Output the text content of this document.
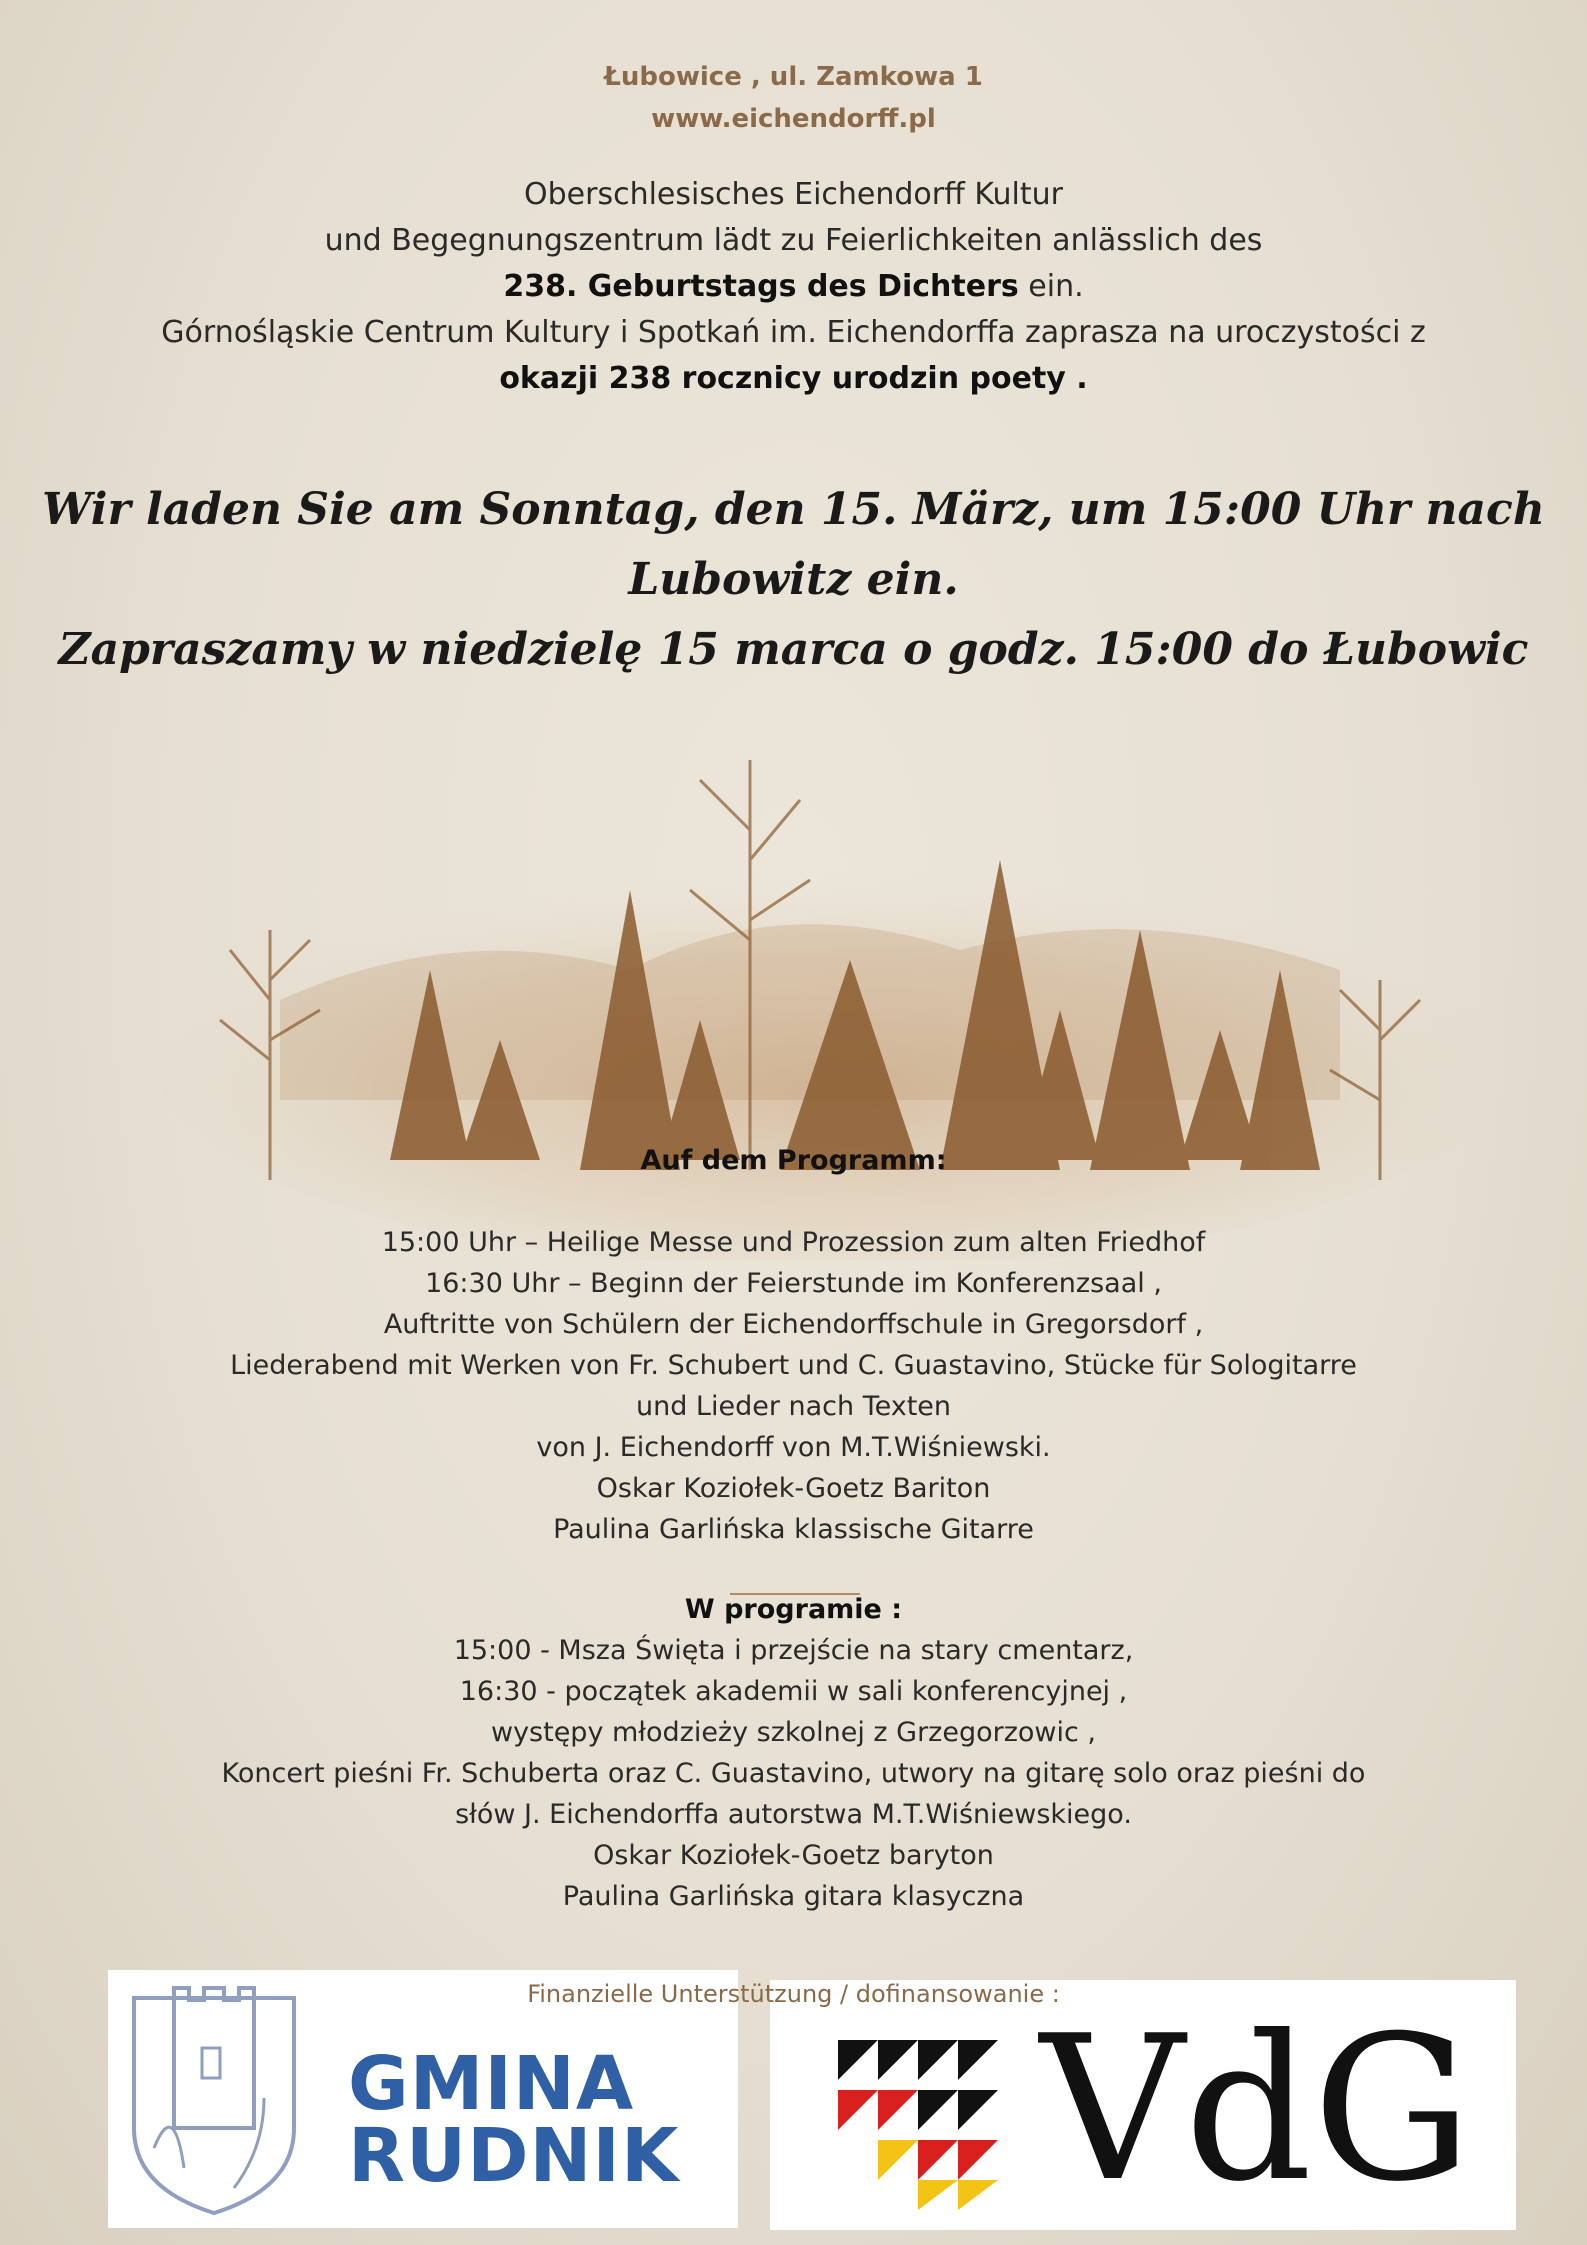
Łubowice , ul. Zamkowa 1
www.eichendorff.pl
Oberschlesisches Eichendorff Kultur
und Begegnungszentrum lädt zu Feierlichkeiten anlässlich des
238. Geburtstags des Dichters ein.
Górnośląskie Centrum Kultury i Spotkań im. Eichendorffa zaprasza na uroczystości z
okazji 238 rocznicy urodzin poety .
Wir laden Sie am Sonntag, den 15. März, um 15:00 Uhr nach
Lubowitz ein.
Zapraszamy w niedzielę 15 marca o godz. 15:00 do Łubowic
Auf dem Programm:
15:00 Uhr – Heilige Messe und Prozession zum alten Friedhof
16:30 Uhr – Beginn der Feierstunde im Konferenzsaal ,
Auftritte von Schülern der Eichendorffschule in Gregorsdorf ,
Liederabend mit Werken von Fr. Schubert und C. Guastavino, Stücke für Sologitarre
und Lieder nach Texten
von J. Eichendorff von M.T.Wiśniewski.
Oskar Koziołek-Goetz Bariton
Paulina Garlińska klassische Gitarre
W programie :
15:00 - Msza Święta i przejście na stary cmentarz,
16:30 - początek akademii w sali konferencyjnej ,
występy młodzieży szkolnej z Grzegorzowic ,
Koncert pieśni Fr. Schuberta oraz C. Guastavino, utwory na gitarę solo oraz pieśni do
słów J. Eichendorffa autorstwa M.T.Wiśniewskiego.
Oskar Koziołek-Goetz baryton
Paulina Garlińska gitara klasyczna
GMINA
RUDNIK VdG
Finanzielle Unterstützung / dofinansowanie :
